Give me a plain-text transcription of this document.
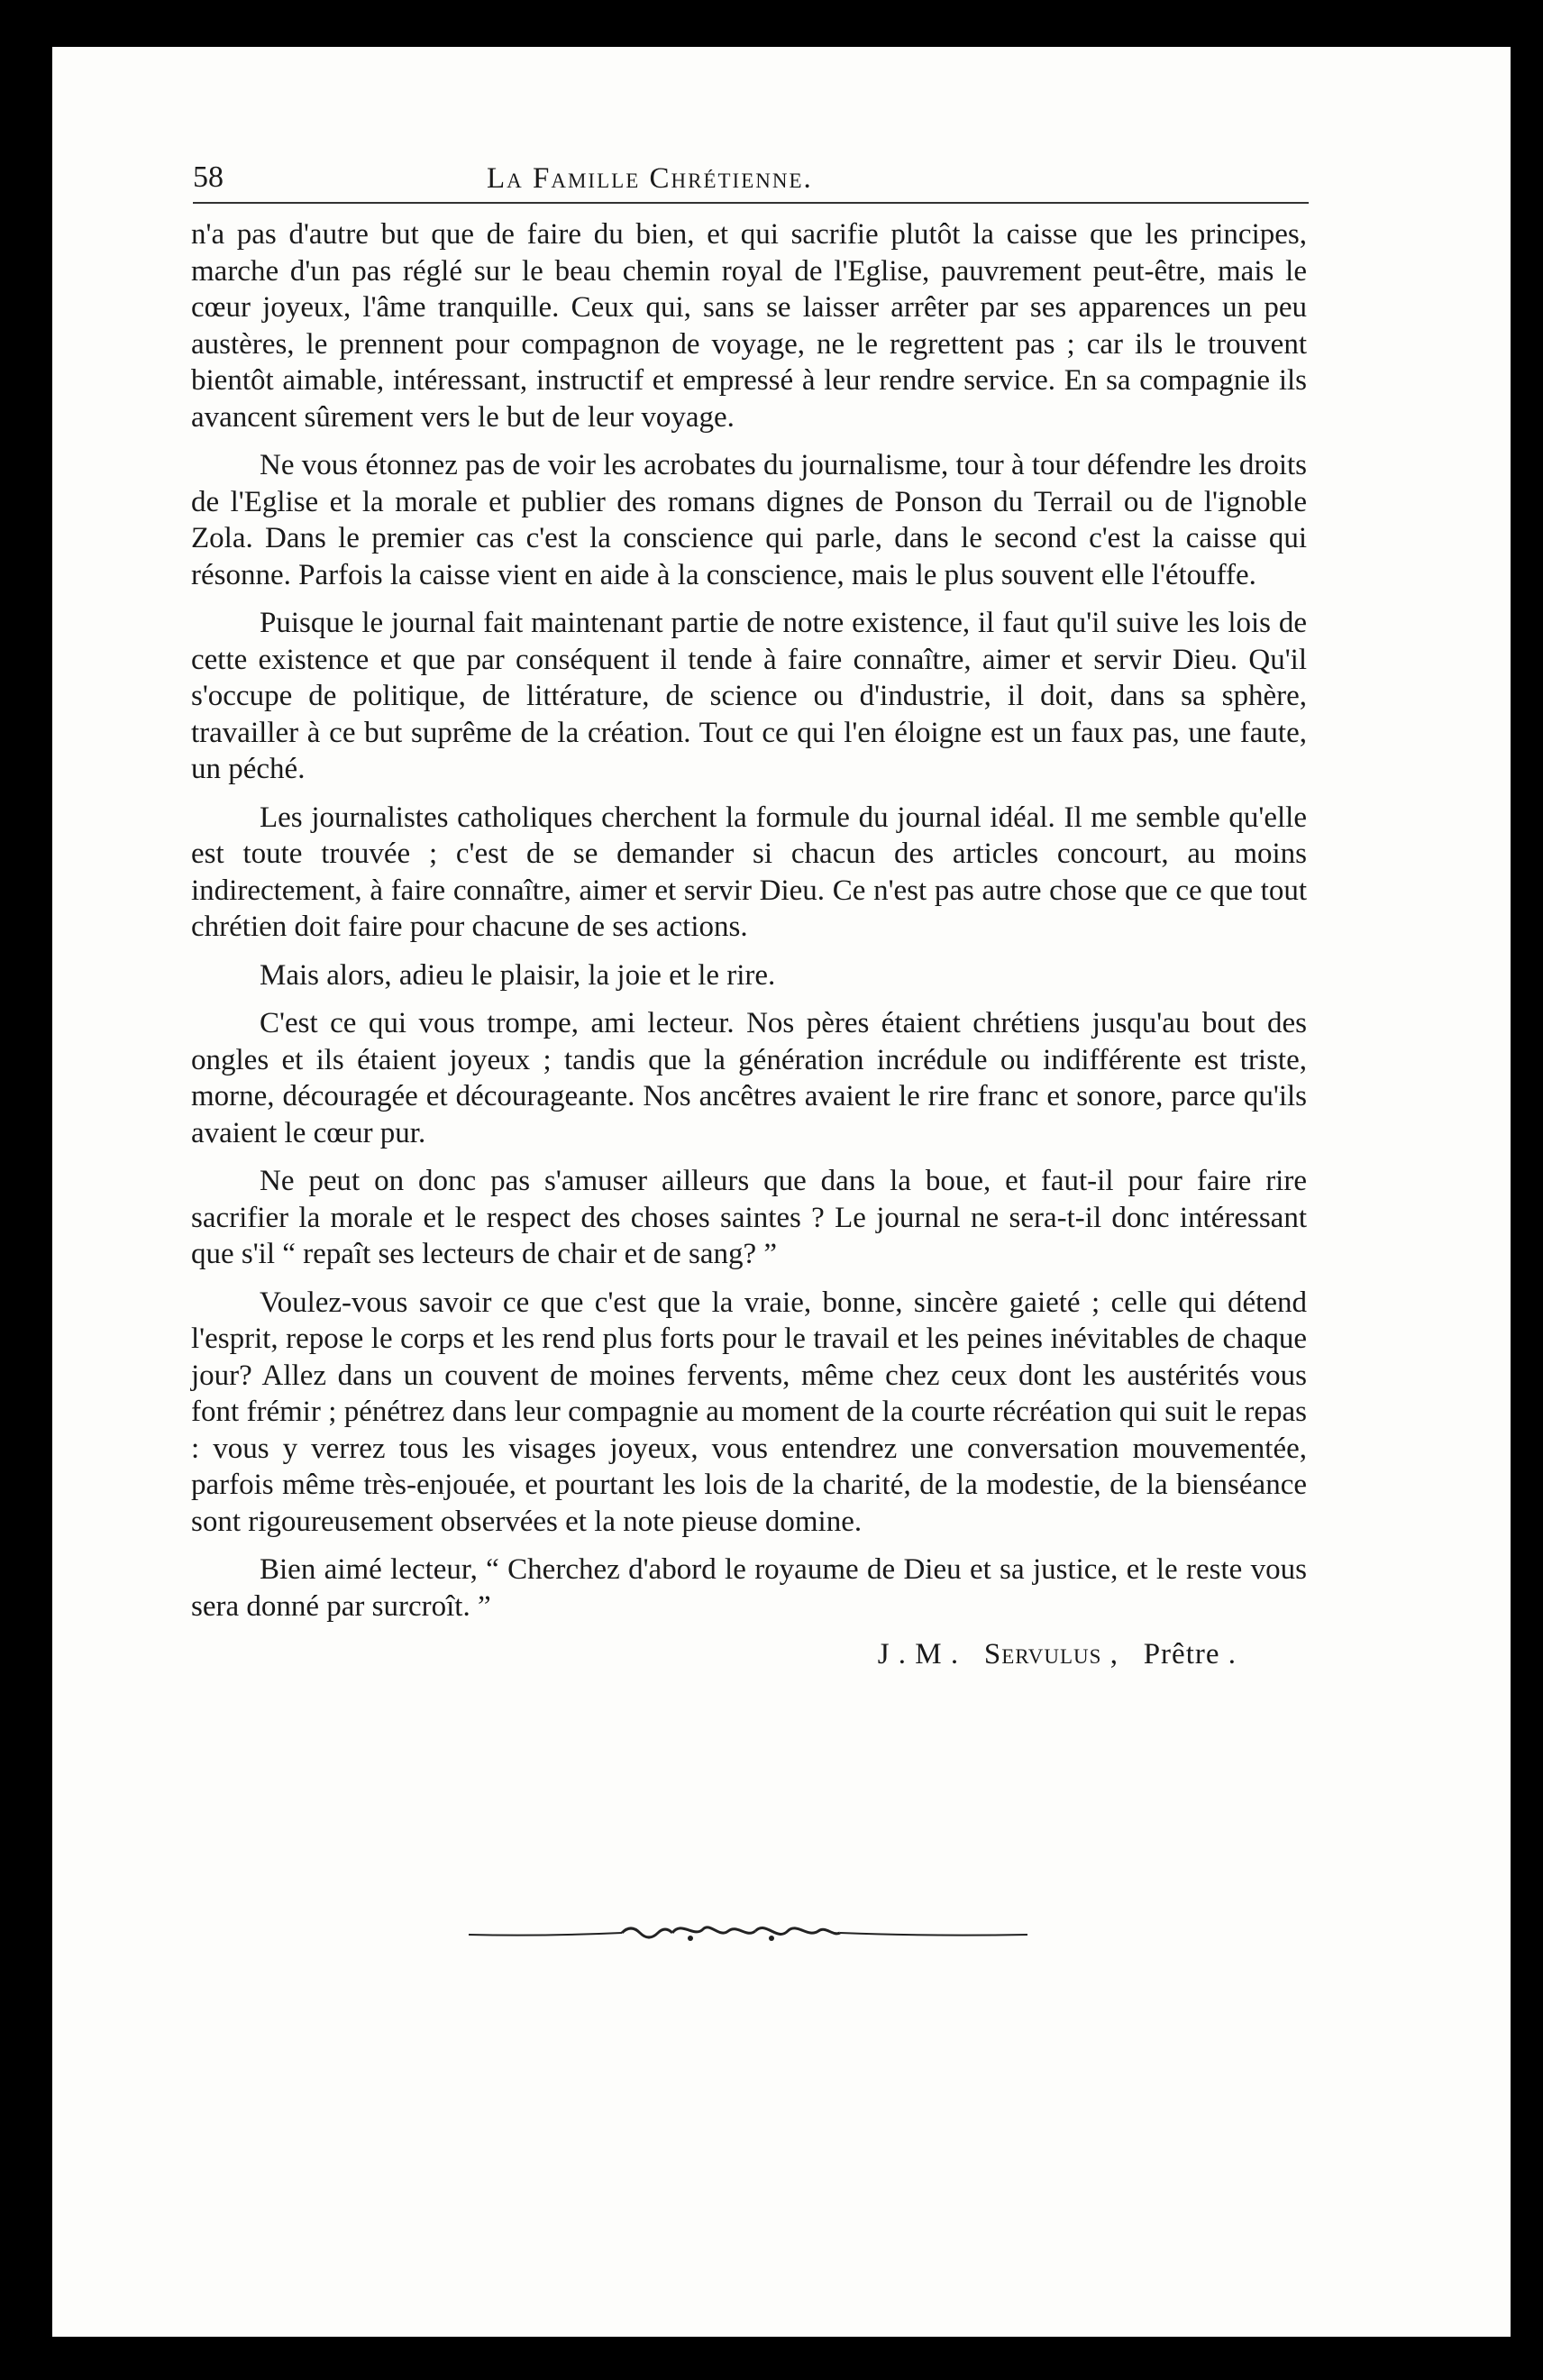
58	La Famille Chrétienne.

n'a pas d'autre but que de faire du bien, et qui sacrifie plutôt la caisse que les principes, marche d'un pas réglé sur le beau chemin royal de l'Eglise, pauvrement peut-être, mais le cœur joyeux, l'âme tranquille. Ceux qui, sans se laisser arrêter par ses apparences un peu austères, le prennent pour compagnon de voyage, ne le regrettent pas ; car ils le trouvent bientôt aimable, intéressant, instructif et empressé à leur rendre service. En sa compagnie ils avancent sûrement vers le but de leur voyage.

Ne vous étonnez pas de voir les acrobates du journalisme, tour à tour défendre les droits de l'Eglise et la morale et publier des romans dignes de Ponson du Terrail ou de l'ignoble Zola. Dans le premier cas c'est la conscience qui parle, dans le second c'est la caisse qui résonne. Parfois la caisse vient en aide à la conscience, mais le plus souvent elle l'étouffe.

Puisque le journal fait maintenant partie de notre existence, il faut qu'il suive les lois de cette existence et que par conséquent il tende à faire connaître, aimer et servir Dieu. Qu'il s'occupe de politique, de littérature, de science ou d'industrie, il doit, dans sa sphère, travailler à ce but suprême de la création. Tout ce qui l'en éloigne est un faux pas, une faute, un péché.

Les journalistes catholiques cherchent la formule du journal idéal. Il me semble qu'elle est toute trouvée ; c'est de se demander si chacun des articles concourt, au moins indirectement, à faire connaître, aimer et servir Dieu. Ce n'est pas autre chose que ce que tout chrétien doit faire pour chacune de ses actions.

Mais alors, adieu le plaisir, la joie et le rire.

C'est ce qui vous trompe, ami lecteur. Nos pères étaient chrétiens jusqu'au bout des ongles et ils étaient joyeux ; tandis que la génération incrédule ou indifférente est triste, morne, découragée et décourageante. Nos ancêtres avaient le rire franc et sonore, parce qu'ils avaient le cœur pur.

Ne peut on donc pas s'amuser ailleurs que dans la boue, et faut-il pour faire rire sacrifier la morale et le respect des choses saintes ? Le journal ne sera-t-il donc intéressant que s'il “ repaît ses lecteurs de chair et de sang? ”

Voulez-vous savoir ce que c'est que la vraie, bonne, sincère gaieté ; celle qui détend l'esprit, repose le corps et les rend plus forts pour le travail et les peines inévitables de chaque jour? Allez dans un couvent de moines fervents, même chez ceux dont les austérités vous font frémir ; pénétrez dans leur compagnie au moment de la courte récréation qui suit le repas : vous y verrez tous les visages joyeux, vous entendrez une conversation mouvementée, parfois même très-enjouée, et pourtant les lois de la charité, de la modestie, de la bienséance sont rigoureusement observées et la note pieuse domine.

Bien aimé lecteur, “ Cherchez d'abord le royaume de Dieu et sa justice, et le reste vous sera donné par surcroît. ”

J . M . Servulus , Prêtre .
